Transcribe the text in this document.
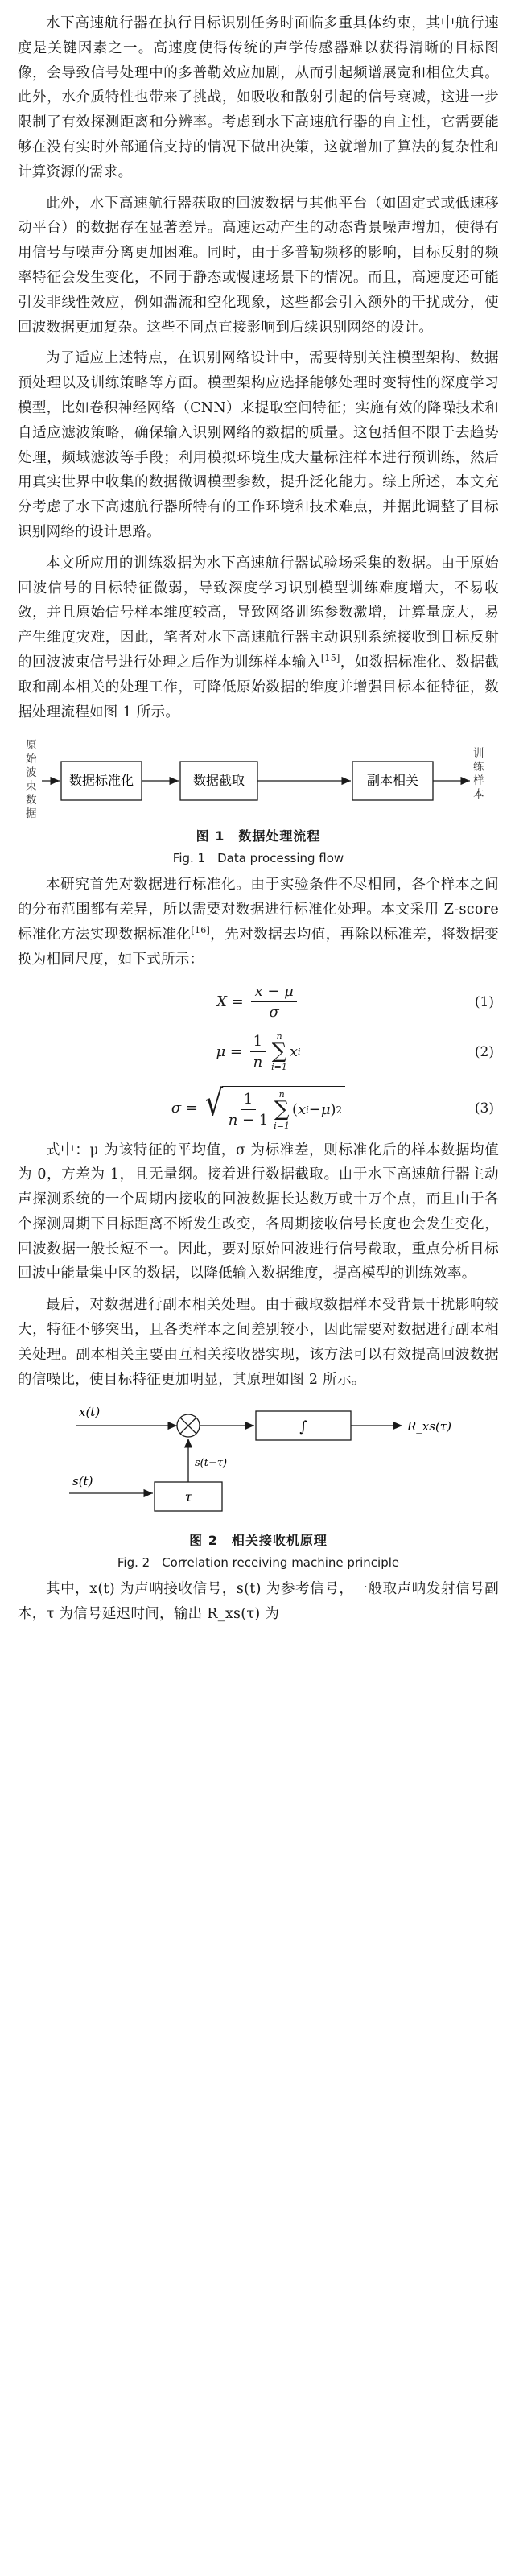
水下高速航行器在执行目标识别任务时面临多重具体约束，其中航行速度是关键因素之一。高速度使得传统的声学传感器难以获得清晰的目标图像，会导致信号处理中的多普勒效应加剧，从而引起频谱展宽和相位失真。此外，水介质特性也带来了挑战，如吸收和散射引起的信号衰减，这进一步限制了有效探测距离和分辨率。考虑到水下高速航行器的自主性，它需要能够在没有实时外部通信支持的情况下做出决策，这就增加了算法的复杂性和计算资源的需求。

此外，水下高速航行器获取的回波数据与其他平台（如固定式或低速移动平台）的数据存在显著差异。高速运动产生的动态背景噪声增加，使得有用信号与噪声分离更加困难。同时，由于多普勒频移的影响，目标反射的频率特征会发生变化，不同于静态或慢速场景下的情况。而且，高速度还可能引发非线性效应，例如湍流和空化现象，这些都会引入额外的干扰成分，使回波数据更加复杂。这些不同点直接影响到后续识别网络的设计。

为了适应上述特点，在识别网络设计中，需要特别关注模型架构、数据预处理以及训练策略等方面。模型架构应选择能够处理时变特性的深度学习模型，比如卷积神经网络（CNN）来提取空间特征；实施有效的降噪技术和自适应滤波策略，确保输入识别网络的数据的质量。这包括但不限于去趋势处理，频域滤波等手段；利用模拟环境生成大量标注样本进行预训练，然后用真实世界中收集的数据微调模型参数，提升泛化能力。综上所述，本文充分考虑了水下高速航行器所特有的工作环境和技术难点，并据此调整了目标识别网络的设计思路。

本文所应用的训练数据为水下高速航行器试验场采集的数据。由于原始回波信号的目标特征微弱，导致深度学习识别模型训练难度增大，不易收敛，并且原始信号样本维度较高，导致网络训练参数激增，计算量庞大，易产生维度灾难，因此，笔者对水下高速航行器主动识别系统接收到目标反射的回波波束信号进行处理之后作为训练样本输入[15]，如数据标准化、数据截取和副本相关的处理工作，可降低原始数据的维度并增强目标本征特征，数据处理流程如图 1 所示。

原
始
波
束
数
据
数据标准化	数据截取	副本相关
训
练
样
本
图 1　数据处理流程
Fig. 1　Data processing flow

本研究首先对数据进行标准化。由于实验条件不尽相同，各个样本之间的分布范围都有差异，所以需要对数据进行标准化处理。本文采用 Z-score 标准化方法实现数据标准化[16]，先对数据去均值，再除以标准差，将数据变换为相同尺度，如下式所示：

$X = \frac{x - \mu}{\sigma}$	(1)
$\mu = \frac{1}{n}$ n
∑
i=1
x i	(2)
σ = √ $\frac{1}{n - 1}$ n
∑
i=1
( x i − μ ) 2	(3)

式中：μ 为该特征的平均值，σ 为标准差，则标准化后的样本数据均值为 0，方差为 1，且无量纲。接着进行数据截取。由于水下高速航行器主动声探测系统的一个周期内接收的回波数据长达数万或十万个点，而且由于各个探测周期下目标距离不断发生改变，各周期接收信号长度也会发生变化，回波数据一般长短不一。因此，要对原始回波进行信号截取，重点分析目标回波中能量集中区的数据，以降低输入数据维度，提高模型的训练效率。

最后，对数据进行副本相关处理。由于截取数据样本受背景干扰影响较大，特征不够突出，且各类样本之间差别较小，因此需要对数据进行副本相关处理。副本相关主要由互相关接收器实现，该方法可以有效提高回波数据的信噪比，使目标特征更加明显，其原理如图 2 所示。

x(t)
∫	R_xs(τ)
s(t−τ)
s(t)
τ
图 2　相关接收机原理
Fig. 2　Correlation receiving machine principle

其中，x(t) 为声呐接收信号，s(t) 为参考信号，一般取声呐发射信号副本，τ 为信号延迟时间，输出 R_xs(τ) 为
